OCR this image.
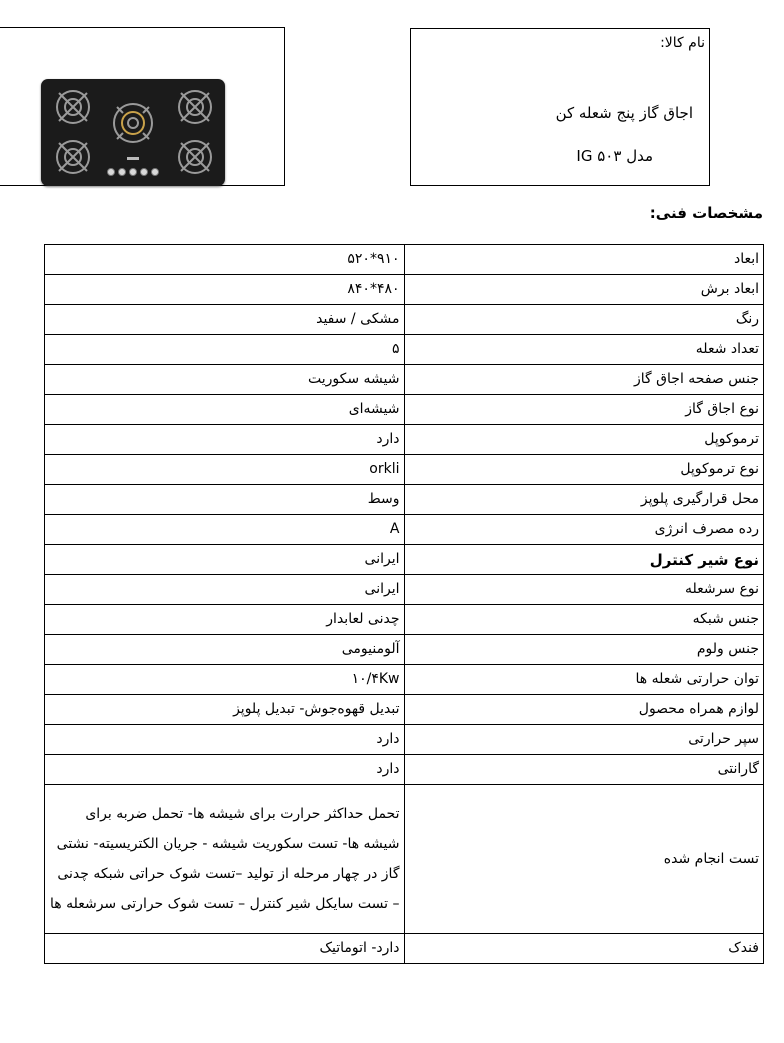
نام کالا:
اجاق گاز پنج شعله کن
مدل IG ۵۰۳
مشخصات فنی:
ابعاد	۹۱۰*۵۲۰
ابعاد برش	۴۸۰*۸۴۰
رنگ	مشکی / سفید
تعداد شعله	۵
جنس صفحه اجاق گاز	شیشه سکوریت
نوع اجاق گاز	شیشه‌ای
ترموکوپل	دارد
نوع ترموکوپل	orkli
محل قرارگیری پلوپز	وسط
رده مصرف انرژی	A
نوع شیر کنترل	ایرانی
نوع سرشعله	ایرانی
جنس شبکه	چدنی لعابدار
جنس ولوم	آلومنیومی
توان حرارتی شعله ها	۱۰/۴Kw
لوازم همراه محصول	تبدیل قهوه‌جوش- تبدیل پلوپز
سپر حرارتی	دارد
گارانتی	دارد
تست انجام شده	تحمل حداکثر حرارت برای شیشه ها- تحمل ضربه برای شیشه ها- تست سکوریت شیشه - جریان الکتریسیته- نشتی گاز در چهار مرحله از تولید –تست شوک حراتی شبکه چدنی – تست سایکل شیر کنترل – تست شوک حرارتی سرشعله ها
فندک	دارد- اتوماتیک
